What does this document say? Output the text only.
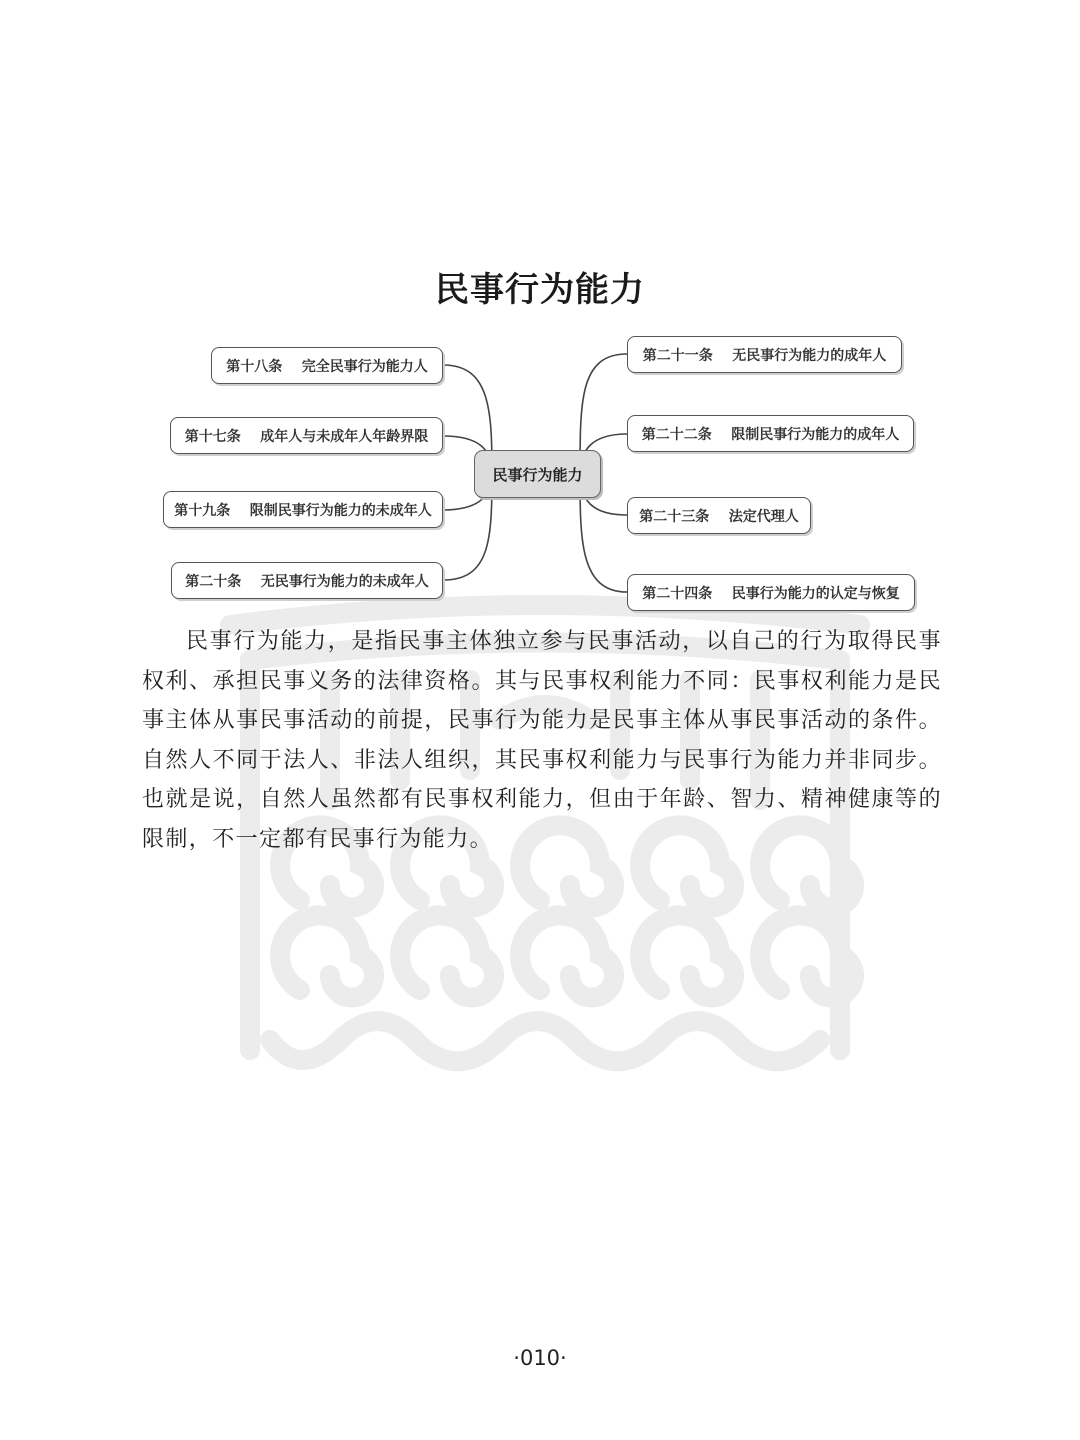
民事行为能力
第十八条    完全民事行为能力人
第十七条    成年人与未成年人年龄界限
第十九条    限制民事行为能力的未成年人
第二十条    无民事行为能力的未成年人
民事行为能力
第二十一条    无民事行为能力的成年人
第二十二条    限制民事行为能力的成年人
第二十三条    法定代理人
第二十四条    民事行为能力的认定与恢复

民事行为能力，是指民事主体独立参与民事活动，以自己的行为取得民事权利、承担民事义务的法律资格。其与民事权利能力不同：民事权利能力是民事主体从事民事活动的前提，民事行为能力是民事主体从事民事活动的条件。自然人不同于法人、非法人组织，其民事权利能力与民事行为能力并非同步。也就是说，自然人虽然都有民事权利能力，但由于年龄、智力、精神健康等的限制，不一定都有民事行为能力。

·010·
